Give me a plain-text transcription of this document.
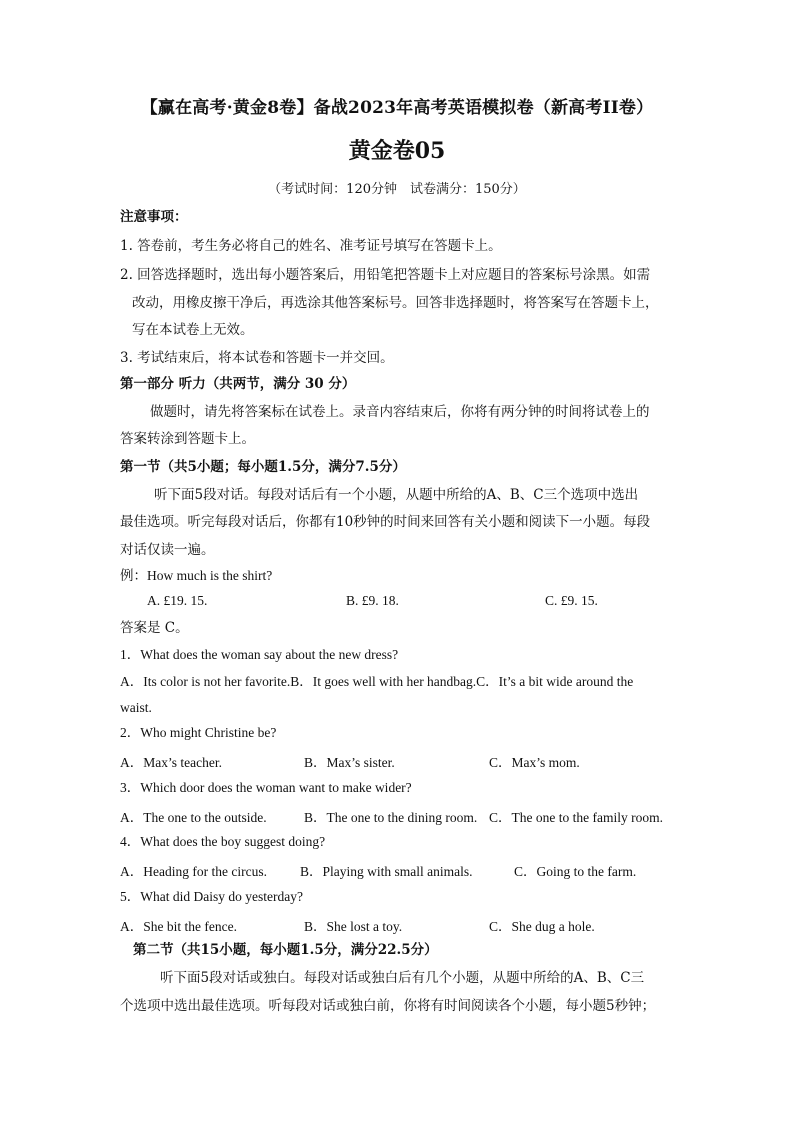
【赢在高考·黄金8卷】备战2023年高考英语模拟卷（新高考II卷）
黄金卷05
（考试时间：120分钟　试卷满分：150分）
注意事项：
1. 答卷前，考生务必将自己的姓名、准考证号填写在答题卡上。
2. 回答选择题时，选出每小题答案后，用铅笔把答题卡上对应题目的答案标号涂黑。如需
改动，用橡皮擦干净后，再选涂其他答案标号。回答非选择题时，将答案写在答题卡上，
写在本试卷上无效。
3. 考试结束后，将本试卷和答题卡一并交回。
第一部分 听力（共两节，满分 30 分）
做题时，请先将答案标在试卷上。录音内容结束后，你将有两分钟的时间将试卷上的
答案转涂到答题卡上。
第一节（共5小题；每小题1.5分，满分7.5分）
听下面5段对话。每段对话后有一个小题，从题中所给的A、B、C三个选项中选出
最佳选项。听完每段对话后，你都有10秒钟的时间来回答有关小题和阅读下一小题。每段
对话仅读一遍。
例：How much is the shirt?
A. £19. 15.	B. £9. 18.	C. £9. 15.
答案是 C。
1．What does the woman say about the new dress?
A．Its color is not her favorite.B．It goes well with her handbag.C．It’s a bit wide around the
waist.
2．Who might Christine be?
A．Max’s teacher.	B．Max’s sister.	C．Max’s mom.
3．Which door does the woman want to make wider?
A．The one to the outside.	B．The one to the dining room. C．The one to the family room.
4．What does the boy suggest doing?
A．Heading for the circus. B．Playing with small animals.	C．Going to the farm.
5．What did Daisy do yesterday?
A．She bit the fence.	B．She lost a toy.	C．She dug a hole.
第二节（共15小题，每小题1.5分，满分22.5分）
听下面5段对话或独白。每段对话或独白后有几个小题，从题中所给的A、B、C三
个选项中选出最佳选项。听每段对话或独白前，你将有时间阅读各个小题，每小题5秒钟；
